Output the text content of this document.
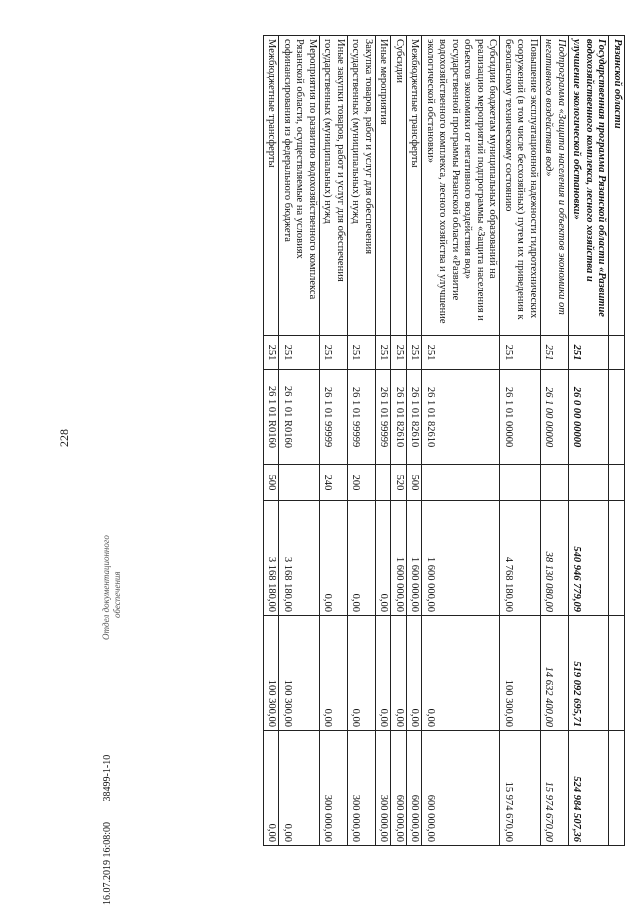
228
Рязанской области						
Государственная программа Рязанской области «Развитие водохозяйственного комплекса, лесного хозяйства и улучшение экологической обстановки»	251	26 0 00 00000		540 946 779,09	519 092 695,71	524 984 507,36
Подпрограмма «Защита населения и объектов экономики от негативного воздействия вод»	251	26 1 00 00000		38 130 080,00	14 632 400,00	15 974 670,00
Повышение эксплуатационной надежности гидротехнических сооружений (в том числе бесхозяйных) путем их приведения к безопасному техническому состоянию	251	26 1 01 00000		4 768 180,00	100 300,00	15 974 670,00
Субсидии бюджетам муниципальных образований на реализацию мероприятий подпрограммы «Защита населения и объектов экономики от негативного воздействия вод» государственной программы Рязанской области «Развитие водохозяйственного комплекса, лесного хозяйства и улучшение экологической обстановки»	251	26 1 01 82610		1 600 000,00	0,00	600 000,00
Межбюджетные трансферты	251	26 1 01 82610	500	1 600 000,00	0,00	600 000,00
Субсидии	251	26 1 01 82610	520	1 600 000,00	0,00	600 000,00
Иные мероприятия	251	26 1 01 99999		0,00	0,00	300 000,00
Закупка товаров, работ и услуг для обеспечения государственных (муниципальных) нужд	251	26 1 01 99999	200	0,00	0,00	300 000,00
Иные закупки товаров, работ и услуг для обеспечения государственных (муниципальных) нужд	251	26 1 01 99999	240	0,00	0,00	300 000,00
Мероприятия по развитию водохозяйственного комплекса Рязанской области, осуществляемые на условиях софинансирования из федерального бюджета	251	26 1 01 R0160		3 168 180,00	100 300,00	0,00
Межбюджетные трансферты	251	26 1 01 R0160	500	3 168 180,00	100 300,00	0,00
Отдел документационного обеспечения
16.07.2019 16:08:00 38499-1-10
